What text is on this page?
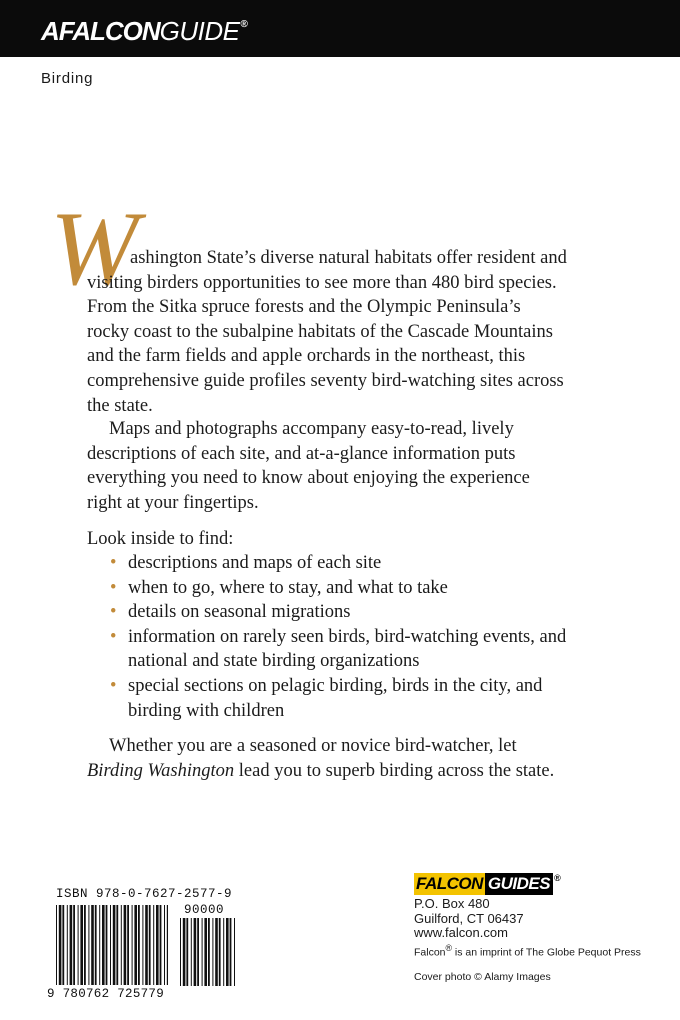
A FALCON GUIDE ®
Birding
W

ashington State’s diverse natural habitats offer resident and
visiting birders opportunities to see more than 480 bird species. From the Sitka spruce forests and the Olympic Peninsula’s rocky coast to the subalpine habitats of the Cascade Mountains and the farm fields and apple orchards in the northeast, this comprehensive guide profiles seventy bird-watching sites across the state.

Maps and photographs accompany easy-to-read, lively descriptions of each site, and at-a-glance information puts everything you need to know about enjoying the experience right at your fingertips.

Look inside to find:

• descriptions and maps of each site
• when to go, where to stay, and what to take
• details on seasonal migrations
• information on rarely seen birds, bird-watching events, and national and state birding organizations
• special sections on pelagic birding, birds in the city, and birding with children

Whether you are a seasoned or novice bird-watcher, let Birding Washington lead you to superb birding across the state.

ISBN 978-0-7627-2577-9
90000
9 780762 725779
FALCON GUIDES ®
P.O. Box 480
Guilford, CT 06437
www.falcon.com
Falcon® is an imprint of The Globe Pequot Press
Cover photo © Alamy Images
